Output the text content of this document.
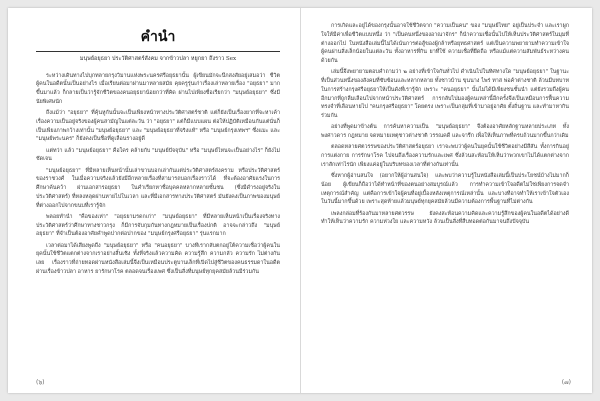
คำนำ
มนุษย์อยุธยา ประวัติศาสตร์สังคม จากข้าวปลา หยูกยา ถึงราว Sex

ระหว่างเดินทางไปบุกทลายกรุงวิมานแห่งพระนครศรีอยุธยานั้น ผู้เขียนมักจะนึกสงสัยอยู่เสมอว่า ชีวิตผู้คนในอดีตนั้นเป็นอย่างไร เมื่อเรียนต่อมาผ่านมาหลายสมัย คุยครูรุ่นเก่าเรื่องเล่าหลายเรื่อง "อยุธยา" มากขึ้นมาแล้ว ก็กลายเป็นว่ารู้จักชีวิตของคนอยุธยาน้อยกว่าที่คิด ผ่านไปเพียงชื่อเรียกว่า "มนุษย์อยุธยา" ซึ่งมีนัยพิเศษนัก

ถึงแม้ว่า "อยุธยา" ที่คุ้นหูกันนั้นจะเป็นเพียงหน้าทางประวัติศาสตร์ชาติ แต่ก็ยังเป็นเรื่องยากที่จะหาเค้าเรื่องความเป็นอยู่จริงของผู้คนสามัญในแต่ละวัน ว่า "อยุธยา" แต่ก็มีแบบแผน ต่อให้ปฏิบัติเหมือนกันแต่นั่นก็เป็นเพียงภาพกว้างเท่านั้น "มนุษย์อยุธยา" และ "มนุษย์อยุธยาที่จริงแท้" หรือ "มนุษย์กรุงเทพฯ" ซึ่งแมะ และ "มนุษย์พระนคร" ก็ยังคงเป็นชื่อที่ดูเลือนรางอยู่ดี

แต่ทว่า แล้ว "มนุษย์อยุธยา" คือใคร คล้ายกับ "มนุษย์ปัจจุบัน" หรือ "มนุษย์ไหนจะเป็นอย่างไร" ก็ยังไม่ชัดเจน

"มนุษย์อยุธยา" ที่มีหลายเห็นหน้านั้นเล่าขานบอกเล่ากันแต่ประวัติศาสตร์สงคราม หรือประวัติศาสตร์ของราชวงศ์ ในเมื่อความจริงแล้วยังมีอีกหลายเรื่องที่สามารถบอกเรื่องราวได้ ที่จะต้องอาศัยแรงในการศึกษาค้นคว้า ผ่านเอกสารอยุธยา ในคำเรียกหาชื่อบุคคลหลากหลายชั้นชน (ซึ่งมีดำรงอยู่จริงในประวัติศาสตร์) ที่หลงหลุดผ่านหายไปในเวลา และที่มีเอกสารทางประวัติศาสตร์ มันยังคงเป็นภาพของมนุษย์ที่ต่างออกไปจากขนบที่เรารู้จัก

พลอยทำนำ "คือของเห่า" "อยุธยามรดกเก่า" "มนุษย์อยุธยา" ที่มีหลายเห็นหน้าเป็นเรื่องจริงทางประวัติศาสตร์ว่าศึกษาทางชาวกรุง ก็มีการจับกุมกันทางกฎหมายเป็นเรื่องปกติ อาจจะกล่าวถึง "มนุษย์อยุธยา" ที่จำเป็นต้องอาศัยคำพูดปากต่อปากของ "มนุษย์กรุงศรีอยุธยา" รุ่นแรกมาก

เวลาต่อมาได้เสียงพูดถึง "มนุษย์อยุธยา" หรือ "คนอยุธยา" บางทีเรากลับตกอยู่ใต้ความเชื่อว่าผู้คนในยุคนั้นใช้ชีวิตแตกต่างจากเราอย่างสิ้นเชิง ทั้งที่จริงแล้วความคิด ความรู้สึก ความกลัว ความรัก ไม่ต่างกันเลย เรื่องราวที่ถ่ายทอดผ่านหนังสือเล่มนี้จึงเป็นเหมือนประตูบานเล็กที่เปิดไปสู่ชีวิตของคนธรรมดาในอดีต ผ่านเรื่องข้าวปลา อาหาร ยารักษาโรค ตลอดจนเรื่องเพศ ซึ่งเป็นสิ่งที่มนุษย์ทุกยุคสมัยล้วนมีร่วมกัน

(๖)

การเกิดและอยู่ได้ของกรุงนั้นอาจใช้ชีวิตจาก "ความเป็นคน" ของ "มนุษย์ไทย" อยู่เป็นประจำ และเราผูกใจให้มีค่าเพื่อชีวิตแบบหนึ่ง ว่า "เป็นคนหนึ่งของอาณาจักร" ก็นำความเชื่อนั้นไปให้เห็นประวัติศาสตร์ในมุมที่ต่างออกไป ในหนังสือเล่มนี้ไม่ได้เน้นการต่อสู้ของผู้กล้าหรือยุทธศาสตร์ แต่เป็นความพยายามทำความเข้าใจผู้คนผ่านสิ่งเล็กน้อยในแต่ละวัน ทั้งอาหารที่กิน ยาที่ใช้ ความเชื่อที่ยึดถือ หรือแม้แต่ความสัมพันธ์ระหว่างคนด้วยกัน

เล่มนี้จึงพยายามตอบคำถามว่า ๒ อย่างที่เข้าใจกันทั่วไป ดำเนินไปในทิศทางใด "มนุษย์อยุธยา" ในฐานะที่เป็นส่วนหนึ่งของสังคมที่ซับซ้อนและหลากหลาย ทั้งชาวบ้าน ขุนนาง ไพร่ ทาส พ่อค้าต่างชาติ ล้วนมีบทบาทในการสร้างกรุงศรีอยุธยาให้เป็นดังที่เรารู้จัก เพราะ "คนอยุธยา" นั้นไม่ได้มีเพียงชนชั้นนำ แต่ยังรวมถึงผู้คนอีกมากที่ถูกลืมเลือนไปจากหน้าประวัติศาสตร์ การกลับไปมองผู้คนเหล่านี้อีกครั้งจึงเป็นเหมือนการฟื้นความทรงจำที่เลือนหายไป "คนกรุงศรีอยุธยา" โดยตรง เพราะเป็นกลุ่มที่เข้ามาอยู่อาศัย ตั้งถิ่นฐาน และทำมาหากินร่วมกัน

อย่างที่พูดมาข้างต้น การค้นหาความเป็น "มนุษย์อยุธยา" จึงต้องอาศัยหลักฐานหลายประเภท ทั้งพงศาวดาร กฎหมาย จดหมายเหตุชาวต่างชาติ วรรณคดี และจารึก เพื่อให้เห็นภาพที่ครบถ้วนมากขึ้นกว่าเดิม

ตลอดหลายศตวรรษของประวัติศาสตร์อยุธยา เราจะพบว่าผู้คนในยุคนั้นใช้ชีวิตอย่างมีสีสัน ทั้งการกินอยู่ การแต่งกาย การรักษาโรค ไปจนถึงเรื่องความรักและเพศ ซึ่งล้วนสะท้อนให้เห็นว่าพวกเขาไม่ได้แตกต่างจากเราสักเท่าไรนัก เพียงแค่อยู่ในบริบทของเวลาที่ต่างกันเท่านั้น

ซึ่งหากผู้อ่านสนใจ (อยากให้ผู้อ่านสนใจ) และพบว่าความรู้ในหนังสือเล่มนี้เป็นประโยชน์บ้างไม่มากก็น้อย ผู้เขียนก็ถือว่าได้ทำหน้าที่ของตนอย่างสมบูรณ์แล้ว การทำความเข้าใจอดีตไม่ใช่เพียงการจดจำเหตุการณ์สำคัญ แต่คือการเข้าใจผู้คนที่อยู่เบื้องหลังเหตุการณ์เหล่านั้น และบางทีอาจทำให้เราเข้าใจตัวเองในวันนี้มากขึ้นด้วย เพราะสุดท้ายแล้วมนุษย์ทุกยุคสมัยล้วนมีความต้องการพื้นฐานที่ไม่ต่างกัน

เพลงกล่อมที่ร้องกันมาหลายศตวรรษ ยังคงสะท้อนความคิดและความรู้สึกของผู้คนในอดีตได้อย่างดี ทำให้เห็นว่าความรัก ความห่วงใย และความหวัง ล้วนเป็นสิ่งที่สืบทอดต่อกันมาจนถึงปัจจุบัน

(๗)
